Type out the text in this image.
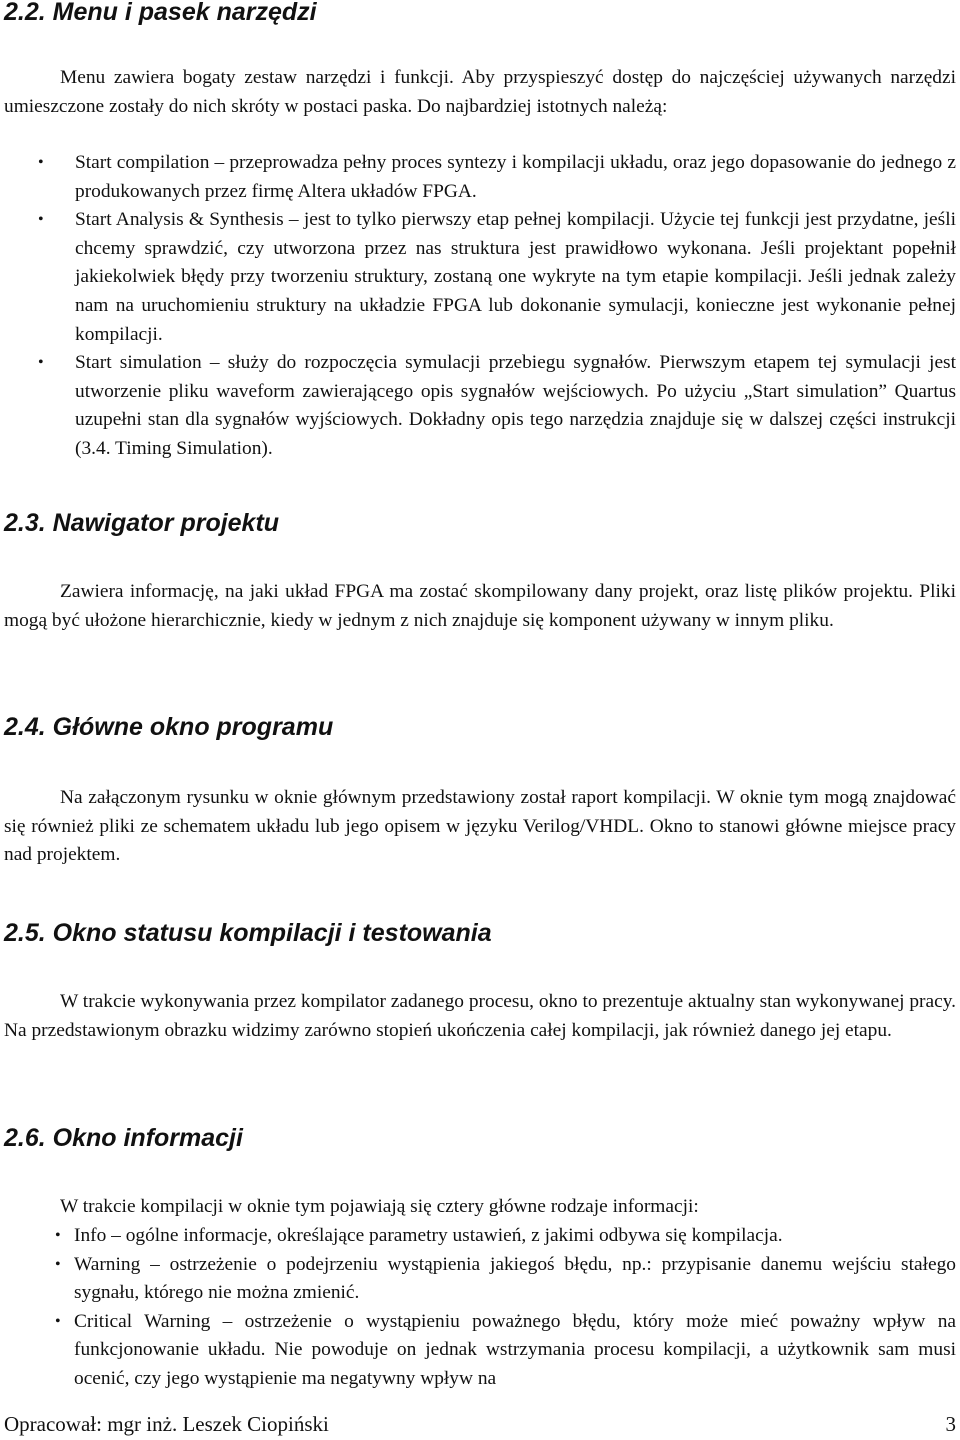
2.2. Menu i pasek narzędzi

Menu zawiera bogaty zestaw narzędzi i funkcji. Aby przyspieszyć dostęp do najczęściej używanych narzędzi umieszczone zostały do nich skróty w postaci paska. Do najbardziej istotnych należą:

• Start compilation – przeprowadza pełny proces syntezy i kompilacji układu, oraz jego dopasowanie do jednego z produkowanych przez firmę Altera układów FPGA.
• Start Analysis & Synthesis – jest to tylko pierwszy etap pełnej kompilacji. Użycie tej funkcji jest przydatne, jeśli chcemy sprawdzić, czy utworzona przez nas struktura jest prawidłowo wykonana. Jeśli projektant popełnił jakiekolwiek błędy przy tworzeniu struktury, zostaną one wykryte na tym etapie kompilacji. Jeśli jednak zależy nam na uruchomieniu struktury na układzie FPGA lub dokonanie symulacji, konieczne jest wykonanie pełnej kompilacji.
• Start simulation – służy do rozpoczęcia symulacji przebiegu sygnałów. Pierwszym etapem tej symulacji jest utworzenie pliku waveform zawierającego opis sygnałów wejściowych. Po użyciu „Start simulation” Quartus uzupełni stan dla sygnałów wyjściowych. Dokładny opis tego narzędzia znajduje się w dalszej części instrukcji (3.4. Timing Simulation).
2.3. Nawigator projektu

Zawiera informację, na jaki układ FPGA ma zostać skompilowany dany projekt, oraz listę plików projektu. Pliki mogą być ułożone hierarchicznie, kiedy w jednym z nich znajduje się komponent używany w innym pliku.

2.4. Główne okno programu

Na załączonym rysunku w oknie głównym przedstawiony został raport kompilacji. W oknie tym mogą znajdować się również pliki ze schematem układu lub jego opisem w języku Verilog/VHDL. Okno to stanowi główne miejsce pracy nad projektem.

2.5. Okno statusu kompilacji i testowania

W trakcie wykonywania przez kompilator zadanego procesu, okno to prezentuje aktualny stan wykonywanej pracy. Na przedstawionym obrazku widzimy zarówno stopień ukończenia całej kompilacji, jak również danego jej etapu.

2.6. Okno informacji

W trakcie kompilacji w oknie tym pojawiają się cztery główne rodzaje informacji:

• Info – ogólne informacje, określające parametry ustawień, z jakimi odbywa się kompilacja.
• Warning – ostrzeżenie o podejrzeniu wystąpienia jakiegoś błędu, np.: przypisanie danemu wejściu stałego sygnału, którego nie można zmienić.
• Critical Warning – ostrzeżenie o wystąpieniu poważnego błędu, który może mieć poważny wpływ na funkcjonowanie układu. Nie powoduje on jednak wstrzymania procesu kompilacji, a użytkownik sam musi ocenić, czy jego wystąpienie ma negatywny wpływ na
Opracował: mgr inż. Leszek Ciopiński	3
